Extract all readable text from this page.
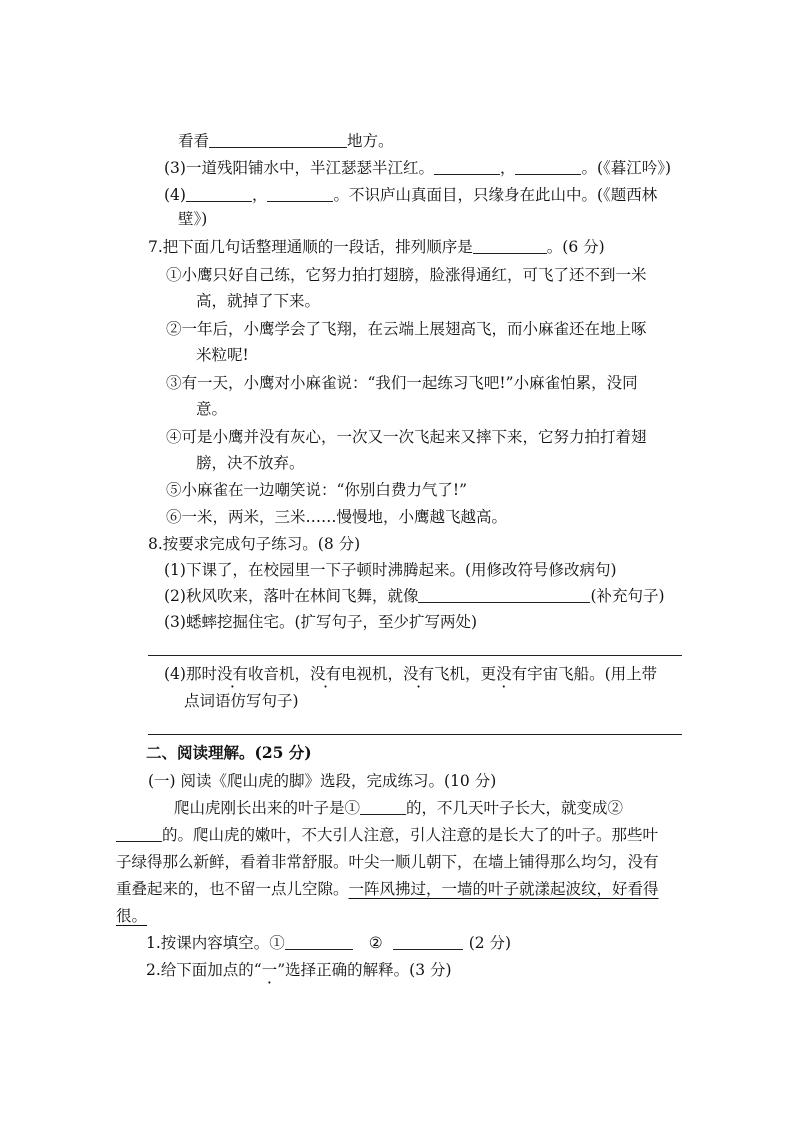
看看	地方。
(3)一道残阳铺水中，半江瑟瑟半江红。	，	。(《暮江吟》)
(4)	，	。不识庐山真面目，只缘身在此山中。(《题西林
壁》)
7.把下面几句话整理通顺的一段话，排列顺序是	。(6 分)
①小鹰只好自己练，它努力拍打翅膀，脸涨得通红，可飞了还不到一米
高，就掉了下来。
②一年后，小鹰学会了飞翔，在云端上展翅高飞，而小麻雀还在地上啄
米粒呢!
③有一天，小鹰对小麻雀说：“我们一起练习飞吧!”小麻雀怕累，没同
意。
④可是小鹰并没有灰心，一次又一次飞起来又摔下来，它努力拍打着翅
膀，决不放弃。
⑤小麻雀在一边嘲笑说：“你别白费力气了!”
⑥一米，两米，三米……慢慢地，小鹰越飞越高。
8.按要求完成句子练习。(8 分)
(1)下课了，在校园里一下子顿时沸腾起来。(用修改符号修改病句)
(2)秋风吹来，落叶在林间飞舞，就像	(补充句子)
(3)蟋蟀挖掘住宅。(扩写句子，至少扩写两处)
(4)那时没有收音机，没有电视机，没有飞机，更没有宇宙飞船。(用上带
点词语仿写句子)
二、阅读理解。(25 分)
(一) 阅读《爬山虎的脚》选段，完成练习。(10 分)
爬山虎刚长出来的叶子是①	的，不几天叶子长大，就变成②
的。爬山虎的嫩叶，不大引人注意，引人注意的是长大了的叶子。那些叶
子绿得那么新鲜，看着非常舒服。叶尖一顺儿朝下，在墙上铺得那么均匀，没有
重叠起来的，也不留一点儿空隙。一阵风拂过，一墙的叶子就漾起波纹，好看得
很。
1.按课内容填空。①	②	(2 分)
2.给下面加点的“一”选择正确的解释。(3 分)
